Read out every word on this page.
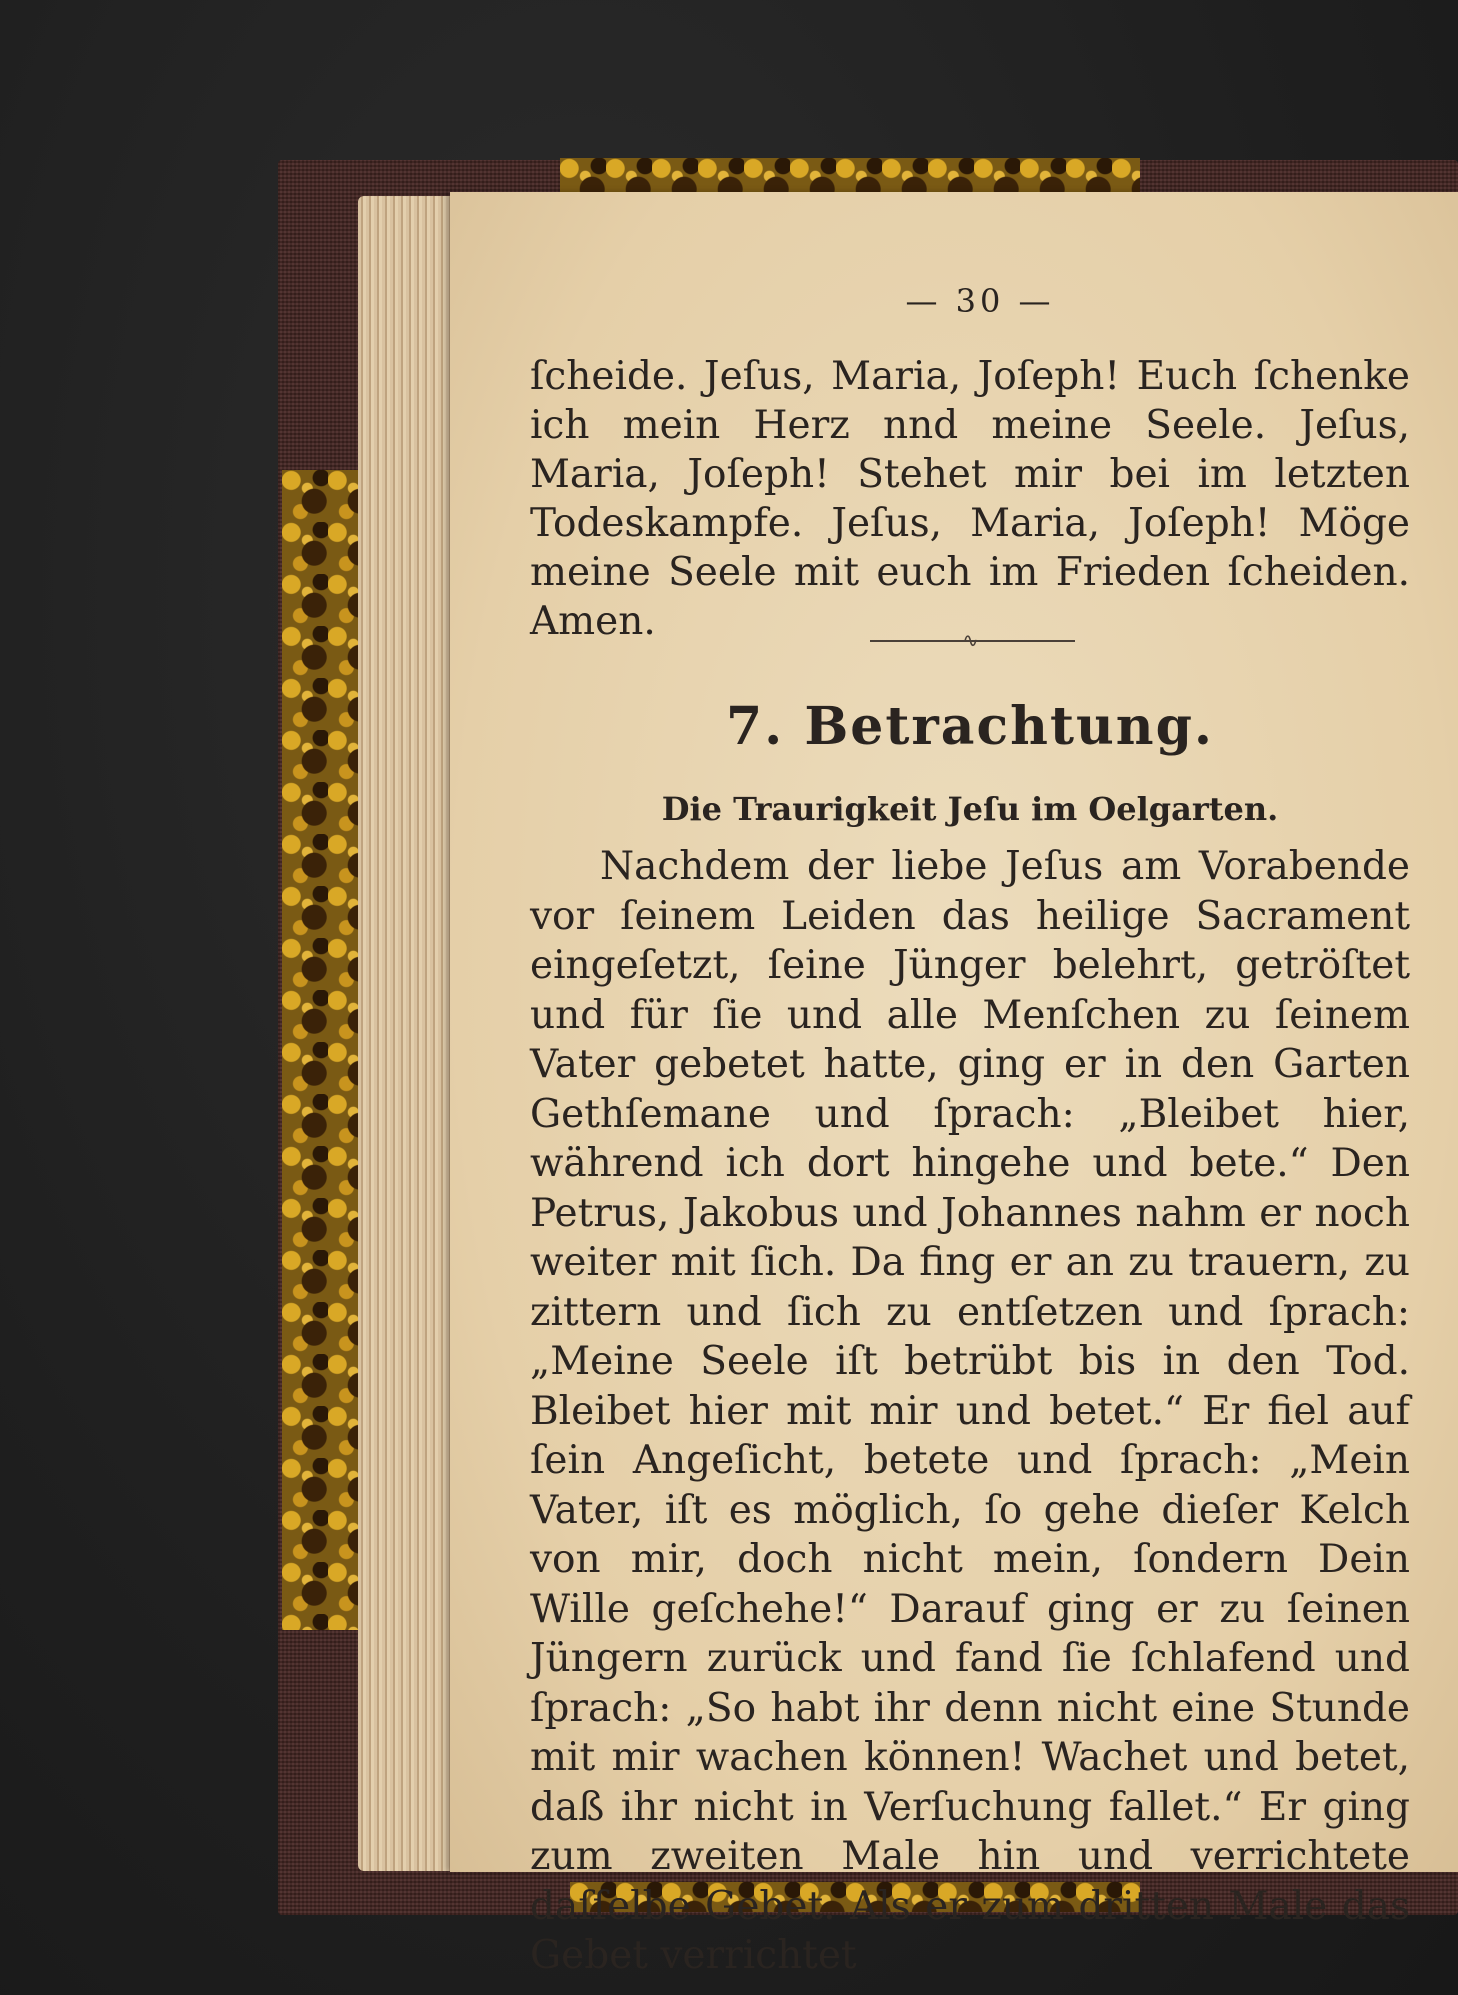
— 30 —
ſcheide. Jeſus, Maria, Joſeph! Euch ſchenke ich mein Herz nnd meine Seele. Jeſus, Maria, Joſeph! Stehet mir bei im letzten Todeskampfe. Jeſus, Maria, Joſeph! Möge meine Seele mit euch im Frieden ſcheiden. Amen.	∿
7. Betrachtung.
Die Traurigkeit Jeſu im Oelgarten.
Nachdem der liebe Jeſus am Vorabende vor ſeinem Leiden das heilige Sacrament eingeſetzt, ſeine Jünger belehrt, getröſtet und für ſie und alle Menſchen zu ſeinem Vater gebetet hatte, ging er in den Garten Gethſemane und ſprach: „Bleibet hier, während ich dort hingehe und bete.“ Den Petrus, Jakobus und Johannes nahm er noch weiter mit ſich. Da fing er an zu trauern, zu zittern und ſich zu entſetzen und ſprach: „Meine Seele iſt betrübt bis in den Tod. Bleibet hier mit mir und betet.“ Er fiel auf ſein Angeſicht, betete und ſprach: „Mein Vater, iſt es möglich, ſo gehe dieſer Kelch von mir, doch nicht mein, ſondern Dein Wille geſchehe!“ Darauf ging er zu ſeinen Jüngern zurück und fand ſie ſchlafend und ſprach: „So habt ihr denn nicht eine Stunde mit mir wachen können! Wachet und betet, daß ihr nicht in Verſuchung fallet.“ Er ging zum zweiten Male hin und verrichtete daſſelbe Gebet. Als er zum dritten Male das Gebet verrichtet
